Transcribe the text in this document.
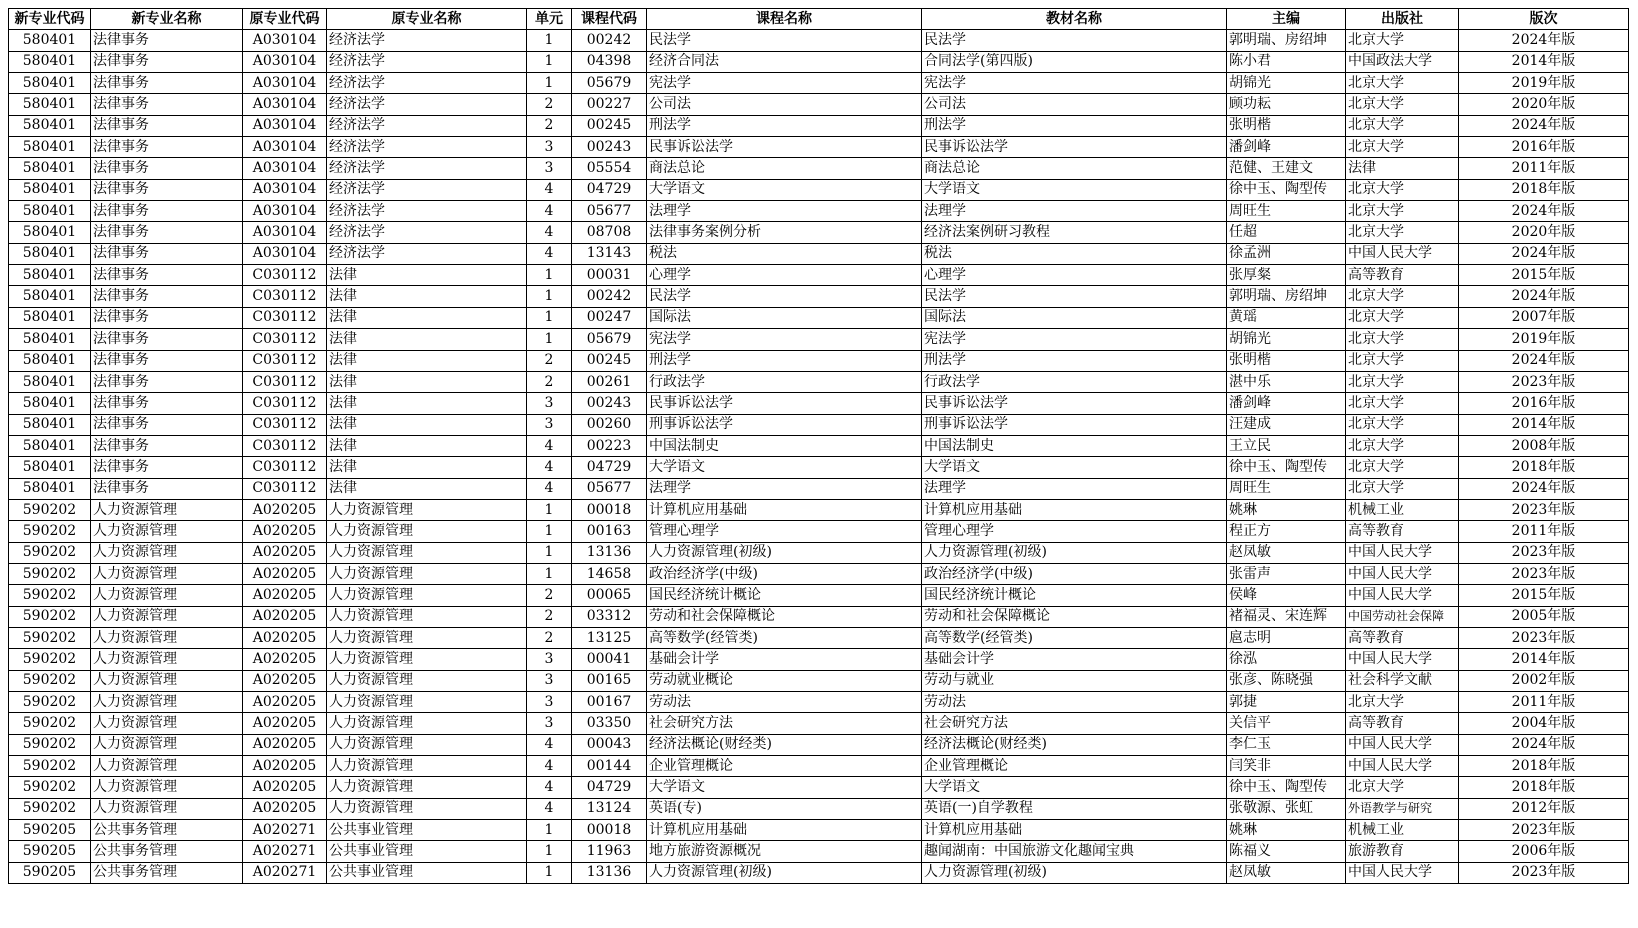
新专业代码	新专业名称	原专业代码	原专业名称	单元	课程代码	课程名称	教材名称	主编	出版社	版次
580401	法律事务	A030104	经济法学	1	00242	民法学	民法学	郭明瑞、房绍坤	北京大学	2024年版
580401	法律事务	A030104	经济法学	1	04398	经济合同法	合同法学(第四版)	陈小君	中国政法大学	2014年版
580401	法律事务	A030104	经济法学	1	05679	宪法学	宪法学	胡锦光	北京大学	2019年版
580401	法律事务	A030104	经济法学	2	00227	公司法	公司法	顾功耘	北京大学	2020年版
580401	法律事务	A030104	经济法学	2	00245	刑法学	刑法学	张明楷	北京大学	2024年版
580401	法律事务	A030104	经济法学	3	00243	民事诉讼法学	民事诉讼法学	潘剑峰	北京大学	2016年版
580401	法律事务	A030104	经济法学	3	05554	商法总论	商法总论	范健、王建文	法律	2011年版
580401	法律事务	A030104	经济法学	4	04729	大学语文	大学语文	徐中玉、陶型传	北京大学	2018年版
580401	法律事务	A030104	经济法学	4	05677	法理学	法理学	周旺生	北京大学	2024年版
580401	法律事务	A030104	经济法学	4	08708	法律事务案例分析	经济法案例研习教程	任超	北京大学	2020年版
580401	法律事务	A030104	经济法学	4	13143	税法	税法	徐孟洲	中国人民大学	2024年版
580401	法律事务	C030112	法律	1	00031	心理学	心理学	张厚粲	高等教育	2015年版
580401	法律事务	C030112	法律	1	00242	民法学	民法学	郭明瑞、房绍坤	北京大学	2024年版
580401	法律事务	C030112	法律	1	00247	国际法	国际法	黄瑶	北京大学	2007年版
580401	法律事务	C030112	法律	1	05679	宪法学	宪法学	胡锦光	北京大学	2019年版
580401	法律事务	C030112	法律	2	00245	刑法学	刑法学	张明楷	北京大学	2024年版
580401	法律事务	C030112	法律	2	00261	行政法学	行政法学	湛中乐	北京大学	2023年版
580401	法律事务	C030112	法律	3	00243	民事诉讼法学	民事诉讼法学	潘剑峰	北京大学	2016年版
580401	法律事务	C030112	法律	3	00260	刑事诉讼法学	刑事诉讼法学	汪建成	北京大学	2014年版
580401	法律事务	C030112	法律	4	00223	中国法制史	中国法制史	王立民	北京大学	2008年版
580401	法律事务	C030112	法律	4	04729	大学语文	大学语文	徐中玉、陶型传	北京大学	2018年版
580401	法律事务	C030112	法律	4	05677	法理学	法理学	周旺生	北京大学	2024年版
590202	人力资源管理	A020205	人力资源管理	1	00018	计算机应用基础	计算机应用基础	姚琳	机械工业	2023年版
590202	人力资源管理	A020205	人力资源管理	1	00163	管理心理学	管理心理学	程正方	高等教育	2011年版
590202	人力资源管理	A020205	人力资源管理	1	13136	人力资源管理(初级)	人力资源管理(初级)	赵凤敏	中国人民大学	2023年版
590202	人力资源管理	A020205	人力资源管理	1	14658	政治经济学(中级)	政治经济学(中级)	张雷声	中国人民大学	2023年版
590202	人力资源管理	A020205	人力资源管理	2	00065	国民经济统计概论	国民经济统计概论	侯峰	中国人民大学	2015年版
590202	人力资源管理	A020205	人力资源管理	2	03312	劳动和社会保障概论	劳动和社会保障概论	褚福灵、宋连辉	中国劳动社会保障	2005年版
590202	人力资源管理	A020205	人力资源管理	2	13125	高等数学(经管类)	高等数学(经管类)	扈志明	高等教育	2023年版
590202	人力资源管理	A020205	人力资源管理	3	00041	基础会计学	基础会计学	徐泓	中国人民大学	2014年版
590202	人力资源管理	A020205	人力资源管理	3	00165	劳动就业概论	劳动与就业	张彦、陈晓强	社会科学文献	2002年版
590202	人力资源管理	A020205	人力资源管理	3	00167	劳动法	劳动法	郭捷	北京大学	2011年版
590202	人力资源管理	A020205	人力资源管理	3	03350	社会研究方法	社会研究方法	关信平	高等教育	2004年版
590202	人力资源管理	A020205	人力资源管理	4	00043	经济法概论(财经类)	经济法概论(财经类)	李仁玉	中国人民大学	2024年版
590202	人力资源管理	A020205	人力资源管理	4	00144	企业管理概论	企业管理概论	闫笑非	中国人民大学	2018年版
590202	人力资源管理	A020205	人力资源管理	4	04729	大学语文	大学语文	徐中玉、陶型传	北京大学	2018年版
590202	人力资源管理	A020205	人力资源管理	4	13124	英语(专)	英语(一)自学教程	张敬源、张虹	外语教学与研究	2012年版
590205	公共事务管理	A020271	公共事业管理	1	00018	计算机应用基础	计算机应用基础	姚琳	机械工业	2023年版
590205	公共事务管理	A020271	公共事业管理	1	11963	地方旅游资源概况	趣闻湖南：中国旅游文化趣闻宝典	陈福义	旅游教育	2006年版
590205	公共事务管理	A020271	公共事业管理	1	13136	人力资源管理(初级)	人力资源管理(初级)	赵凤敏	中国人民大学	2023年版
